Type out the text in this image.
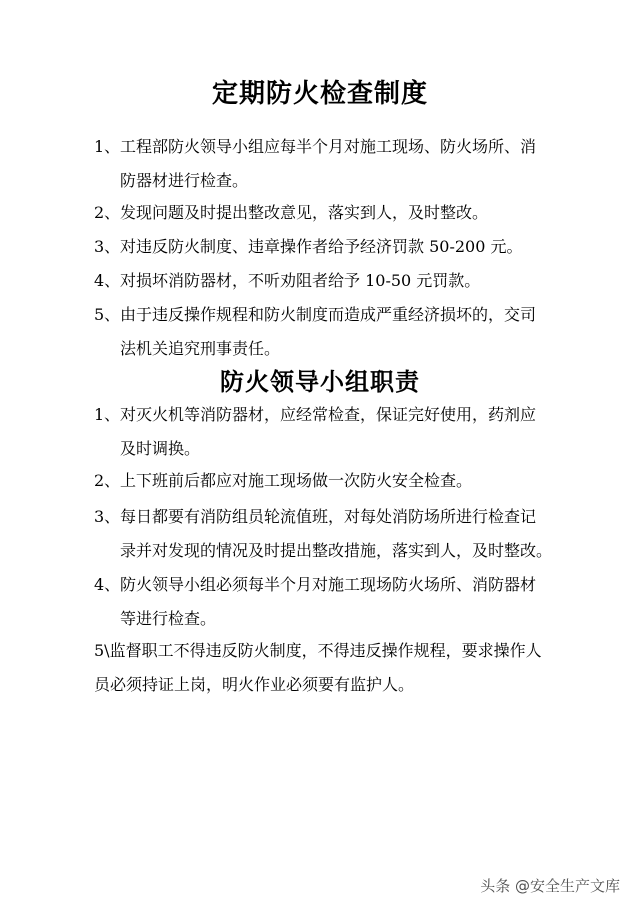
定期防火检查制度
1、 工程部防火领导小组应每半个月对施工现场、防火场所、消
防器材进行检查。
2、 发现问题及时提出整改意见，落实到人，及时整改。
3、 对违反防火制度、违章操作者给予经济罚款 50-200 元。
4、 对损坏消防器材，不听劝阻者给予 10-50 元罚款。
5、 由于违反操作规程和防火制度而造成严重经济损坏的，交司
法机关追究刑事责任。
防火领导小组职责
1、 对灭火机等消防器材，应经常检查，保证完好使用，药剂应
及时调换。
2、 上下班前后都应对施工现场做一次防火安全检查。
3、 每日都要有消防组员轮流值班，对每处消防场所进行检查记
录并对发现的情况及时提出整改措施，落实到人，及时整改。
4、 防火领导小组必须每半个月对施工现场防火场所、消防器材
等进行检查。
5\监督职工不得违反防火制度，不得违反操作规程，要求操作人
员必须持证上岗，明火作业必须要有监护人。
头条 @安全生产文库
